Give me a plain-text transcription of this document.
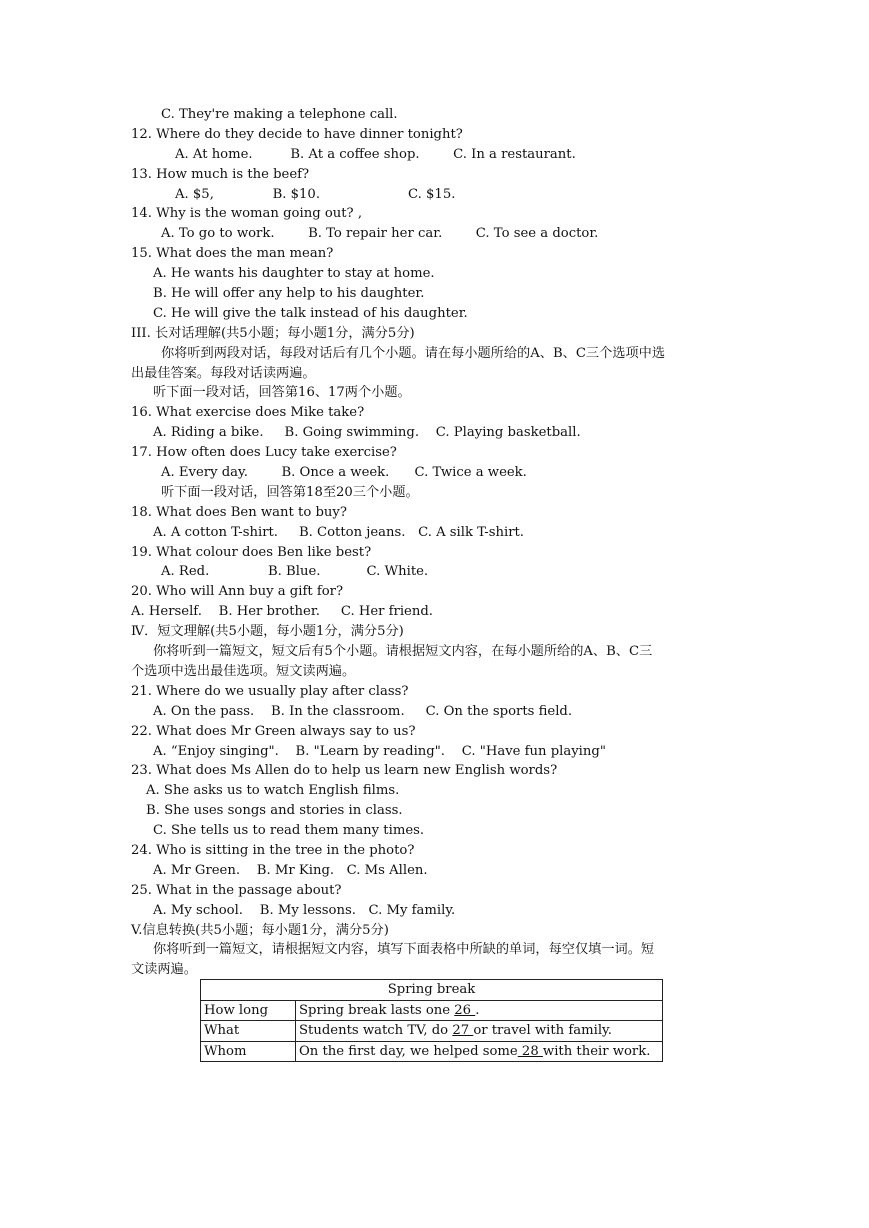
C. They're making a telephone call.
12. Where do they decide to have dinner tonight?
A. At home.         B. At a coffee shop.        C. In a restaurant.
13. How much is the beef?
A. $5,              B. $10.                     C. $15.
14. Why is the woman going out? ,
A. To go to work.        B. To repair her car.        C. To see a doctor.
15. What does the man mean?
A. He wants his daughter to stay at home.
B. He will offer any help to his daughter.
C. He will give the talk instead of his daughter.
III. 长对话理解(共5小题；每小题1分，满分5分)
你将听到两段对话，每段对话后有几个小题。请在每小题所给的A、B、C三个选项中选
出最佳答案。每段对话读两遍。
听下面一段对话，回答第16、17两个小题。
16. What exercise does Mike take?
A. Riding a bike.     B. Going swimming.    C. Playing basketball.
17. How often does Lucy take exercise?
A. Every day.        B. Once a week.      C. Twice a week.
听下面一段对话，回答第18至20三个小题。
18. What does Ben want to buy?
A. A cotton T-shirt.     B. Cotton jeans.   C. A silk T-shirt.
19. What colour does Ben like best?
A. Red.              B. Blue.           C. White.
20. Who will Ann buy a gift for?
A. Herself.    B. Her brother.     C. Her friend.
Ⅳ．短文理解(共5小题，每小题1分，满分5分)
你将听到一篇短文，短文后有5个小题。请根据短文内容，在每小题所给的A、B、C三
个选项中选出最佳选项。短文读两遍。
21. Where do we usually play after class?
A. On the pass.    B. In the classroom.     C. On the sports field.
22. What does Mr Green always say to us?
A. “Enjoy singing".    B. "Learn by reading".    C. "Have fun playing"
23. What does Ms Allen do to help us learn new English words?
A. She asks us to watch English films.
B. She uses songs and stories in class.
C. She tells us to read them many times.
24. Who is sitting in the tree in the photo?
A. Mr Green.    B. Mr King.   C. Ms Allen.
25. What in the passage about?
A. My school.    B. My lessons.   C. My family.
V.信息转换(共5小题；每小题1分，满分5分)
你将听到一篇短文，请根据短文内容，填写下面表格中所缺的单词，每空仅填一词。短
文读两遍。
Spring break	
How long	Spring break lasts one 26 .
What	Students watch TV, do 27 or travel with family.
Whom	On the first day, we helped some 28 with their work.
